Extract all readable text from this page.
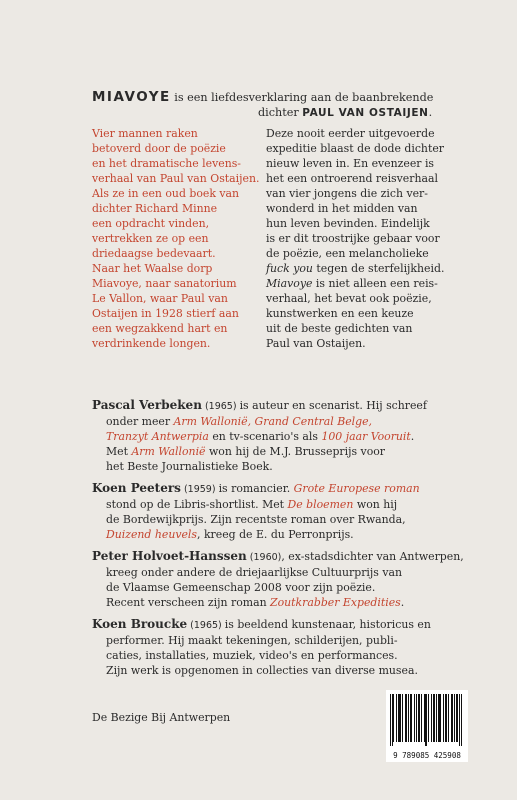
MIAVOYE is een liefdesverklaring aan de baanbrekende
dichter PAUL VAN OSTAIJEN.
Vier mannen raken
betoverd door de poëzie
en het dramatische levens-
verhaal van Paul van Ostaijen.
Als ze in een oud boek van
dichter Richard Minne
een opdracht vinden,
vertrekken ze op een
driedaagse bedevaart.
Naar het Waalse dorp
Miavoye, naar sanatorium
Le Vallon, waar Paul van
Ostaijen in 1928 stierf aan
een wegzakkend hart en
verdrinkende longen.
Deze nooit eerder uitgevoerde
expeditie blaast de dode dichter
nieuw leven in. En evenzeer is
het een ontroerend reisverhaal
van vier jongens die zich ver-
wonderd in het midden van
hun leven bevinden. Eindelijk
is er dit troostrijke gebaar voor
de poëzie, een melancholieke
fuck you tegen de sterfelijkheid.
Miavoye is niet alleen een reis-
verhaal, het bevat ook poëzie,
kunstwerken en een keuze
uit de beste gedichten van
Paul van Ostaijen.
Pascal Verbeken (1965) is auteur en scenarist. Hij schreef
onder meer Arm Wallonië, Grand Central Belge,
Tranzyt Antwerpia en tv-scenario's als 100 jaar Vooruit.
Met Arm Wallonië won hij de M.J. Brusseprijs voor
het Beste Journalistieke Boek.
Koen Peeters (1959) is romancier. Grote Europese roman
stond op de Libris-shortlist. Met De bloemen won hij
de Bordewijkprijs. Zijn recentste roman over Rwanda,
Duizend heuvels, kreeg de E. du Perronprijs.
Peter Holvoet-Hanssen (1960), ex-stadsdichter van Antwerpen,
kreeg onder andere de driejaarlijkse Cultuurprijs van
de Vlaamse Gemeenschap 2008 voor zijn poëzie.
Recent verscheen zijn roman Zoutkrabber Expedities.
Koen Broucke (1965) is beeldend kunstenaar, historicus en
performer. Hij maakt tekeningen, schilderijen, publi-
caties, installaties, muziek, video's en performances.
Zijn werk is opgenomen in collecties van diverse musea.
De Bezige Bij Antwerpen
9 789085 425908
